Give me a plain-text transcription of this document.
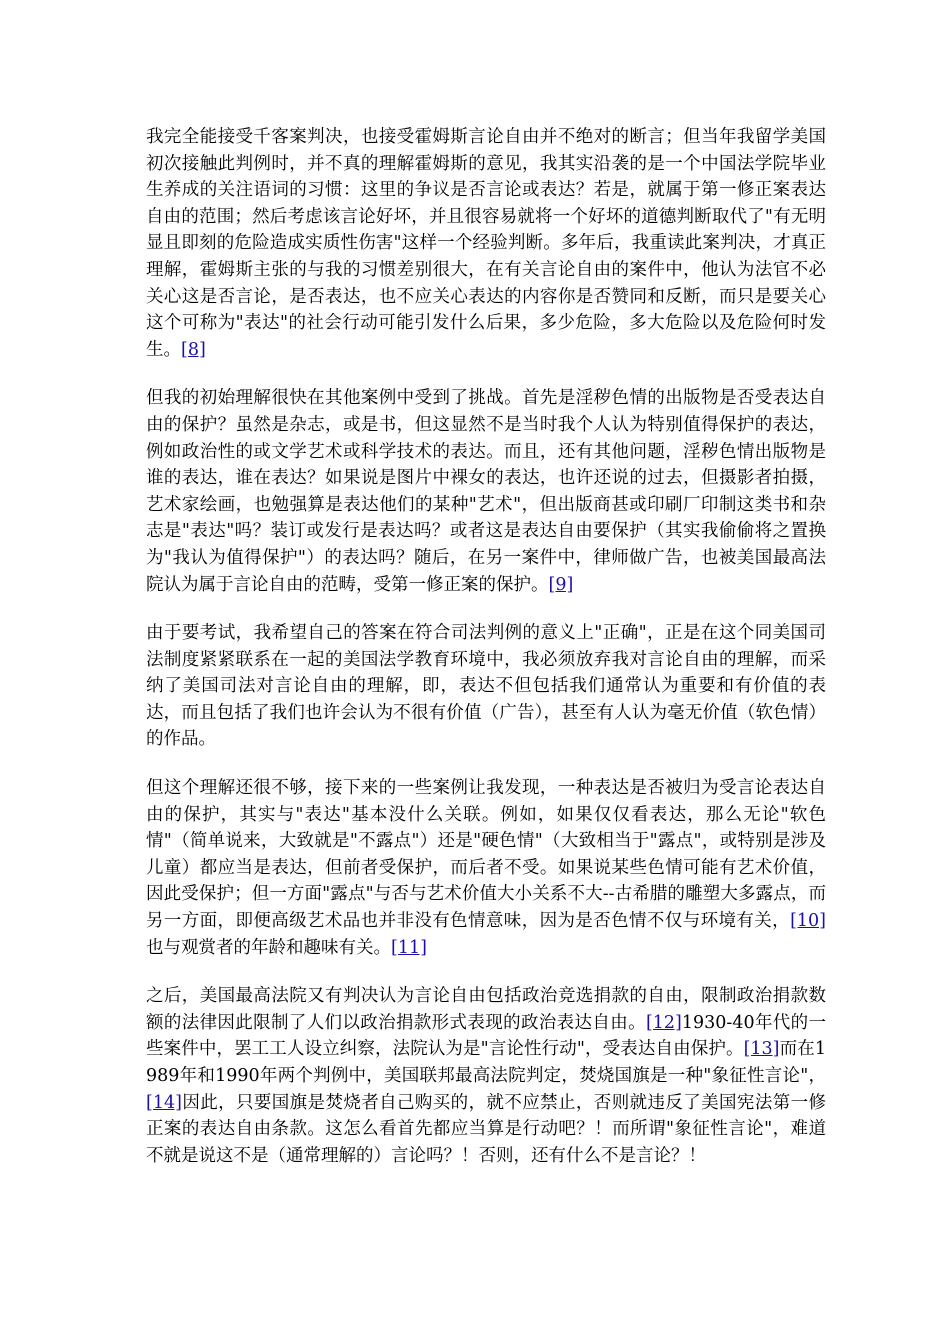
我完全能接受千客案判决，也接受霍姆斯言论自由并不绝对的断言；但当年我留学美国初次接触此判例时，并不真的理解霍姆斯的意见，我其实沿袭的是一个中国法学院毕业生养成的关注语词的习惯：这里的争议是否言论或表达？若是，就属于第一修正案表达自由的范围；然后考虑该言论好坏，并且很容易就将一个好坏的道德判断取代了"有无明显且即刻的危险造成实质性伤害"这样一个经验判断。多年后，我重读此案判决，才真正理解，霍姆斯主张的与我的习惯差别很大，在有关言论自由的案件中，他认为法官不必关心这是否言论，是否表达，也不应关心表达的内容你是否赞同和反断，而只是要关心这个可称为"表达"的社会行动可能引发什么后果，多少危险，多大危险以及危险何时发生。[8]

但我的初始理解很快在其他案例中受到了挑战。首先是淫秽色情的出版物是否受表达自由的保护？虽然是杂志，或是书，但这显然不是当时我个人认为特别值得保护的表达，例如政治性的或文学艺术或科学技术的表达。而且，还有其他问题，淫秽色情出版物是谁的表达，谁在表达？如果说是图片中裸女的表达，也许还说的过去，但摄影者拍摄，艺术家绘画，也勉强算是表达他们的某种"艺术"，但出版商甚或印刷厂印制这类书和杂志是"表达"吗？装订或发行是表达吗？或者这是表达自由要保护（其实我偷偷将之置换为"我认为值得保护"）的表达吗？随后，在另一案件中，律师做广告，也被美国最高法院认为属于言论自由的范畴，受第一修正案的保护。[9]

由于要考试，我希望自己的答案在符合司法判例的意义上"正确"，正是在这个同美国司法制度紧紧联系在一起的美国法学教育环境中，我必须放弃我对言论自由的理解，而采纳了美国司法对言论自由的理解，即，表达不但包括我们通常认为重要和有价值的表达，而且包括了我们也许会认为不很有价值（广告），甚至有人认为毫无价值（软色情）的作品。

但这个理解还很不够，接下来的一些案例让我发现，一种表达是否被归为受言论表达自由的保护，其实与"表达"基本没什么关联。例如，如果仅仅看表达，那么无论"软色情"（简单说来，大致就是"不露点"）还是"硬色情"（大致相当于"露点"，或特别是涉及儿童）都应当是表达，但前者受保护，而后者不受。如果说某些色情可能有艺术价值，因此受保护；但一方面"露点"与否与艺术价值大小关系不大--古希腊的雕塑大多露点，而另一方面，即便高级艺术品也并非没有色情意味，因为是否色情不仅与环境有关，[10]也与观赏者的年龄和趣味有关。[11]

之后，美国最高法院又有判决认为言论自由包括政治竞选捐款的自由，限制政治捐款数额的法律因此限制了人们以政治捐款形式表现的政治表达自由。[12]1930-40年代的一些案件中，罢工工人设立纠察，法院认为是"言论性行动"，受表达自由保护。[13]而在1989年和1990年两个判例中，美国联邦最高法院判定，焚烧国旗是一种"象征性言论"，[14]因此，只要国旗是焚烧者自己购买的，就不应禁止，否则就违反了美国宪法第一修正案的表达自由条款。这怎么看首先都应当算是行动吧？！而所谓"象征性言论"，难道不就是说这不是（通常理解的）言论吗？！否则，还有什么不是言论？！
